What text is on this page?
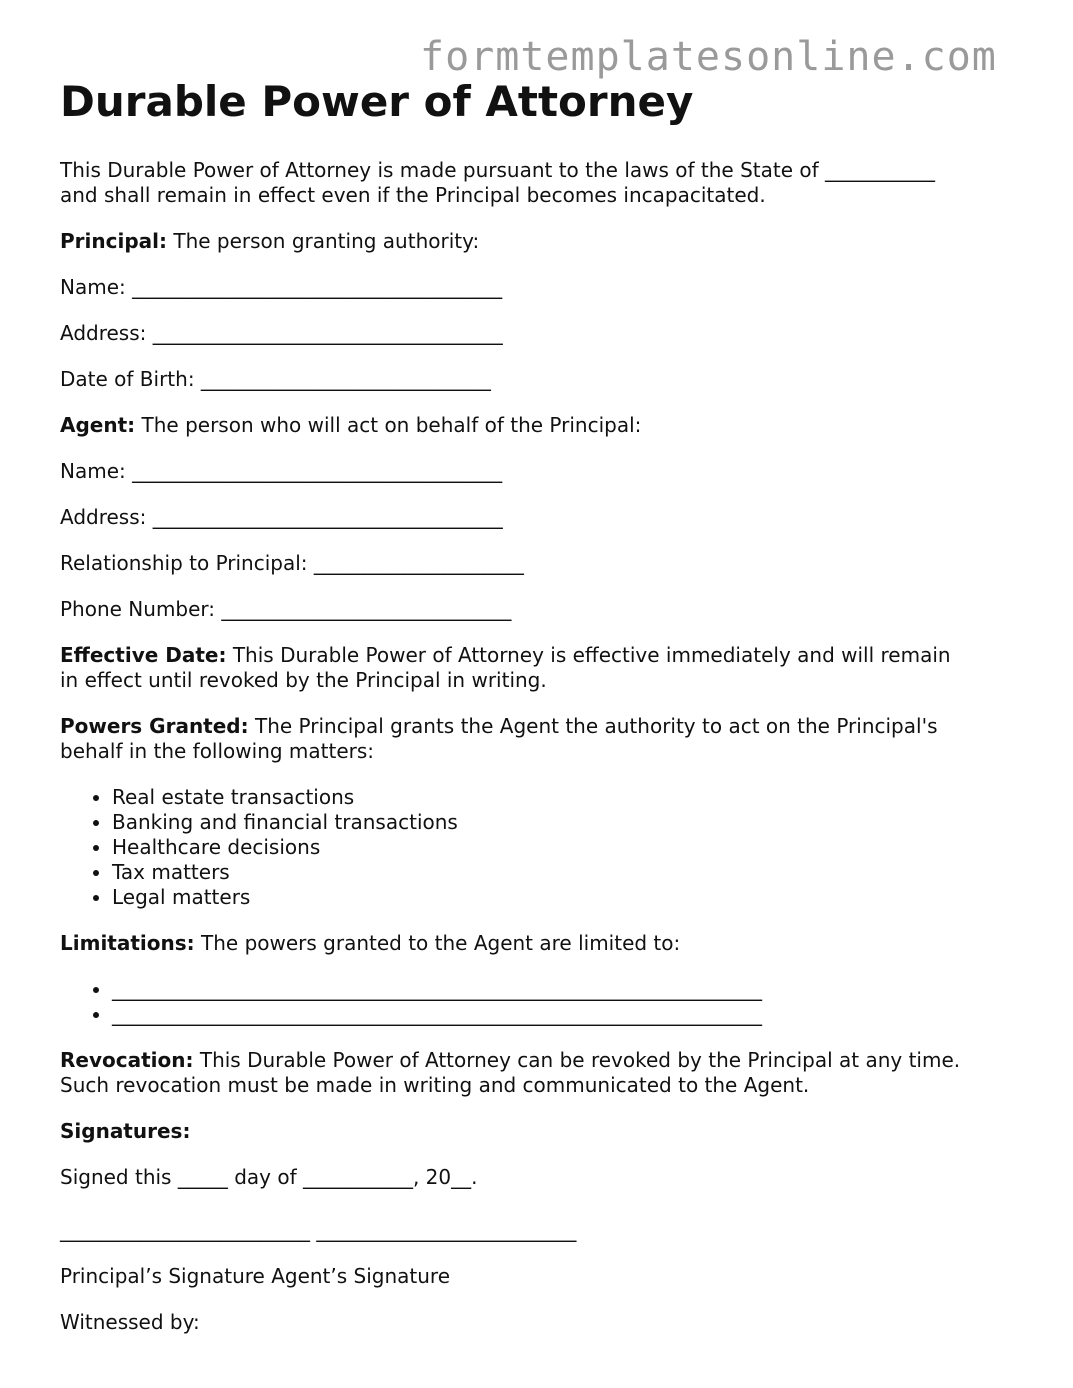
formtemplatesonline.com
Durable Power of Attorney

This Durable Power of Attorney is made pursuant to the laws of the State of ___________
and shall remain in effect even if the Principal becomes incapacitated.

Principal: The person granting authority:

Name: _____________________________________

Address: ___________________________________

Date of Birth: _____________________________

Agent: The person who will act on behalf of the Principal:

Name: _____________________________________

Address: ___________________________________

Relationship to Principal: _____________________

Phone Number: _____________________________

Effective Date: This Durable Power of Attorney is effective immediately and will remain
in effect until revoked by the Principal in writing.

Powers Granted: The Principal grants the Agent the authority to act on the Principal's
behalf in the following matters:

• Real estate transactions
• Banking and financial transactions
• Healthcare decisions
• Tax matters
• Legal matters

Limitations: The powers granted to the Agent are limited to:

• _________________________________________________________________
• _________________________________________________________________

Revocation: This Durable Power of Attorney can be revoked by the Principal at any time.
Such revocation must be made in writing and communicated to the Agent.

Signatures:

Signed this _____ day of ___________, 20__.

_________________________ __________________________

Principal’s Signature Agent’s Signature

Witnessed by:
